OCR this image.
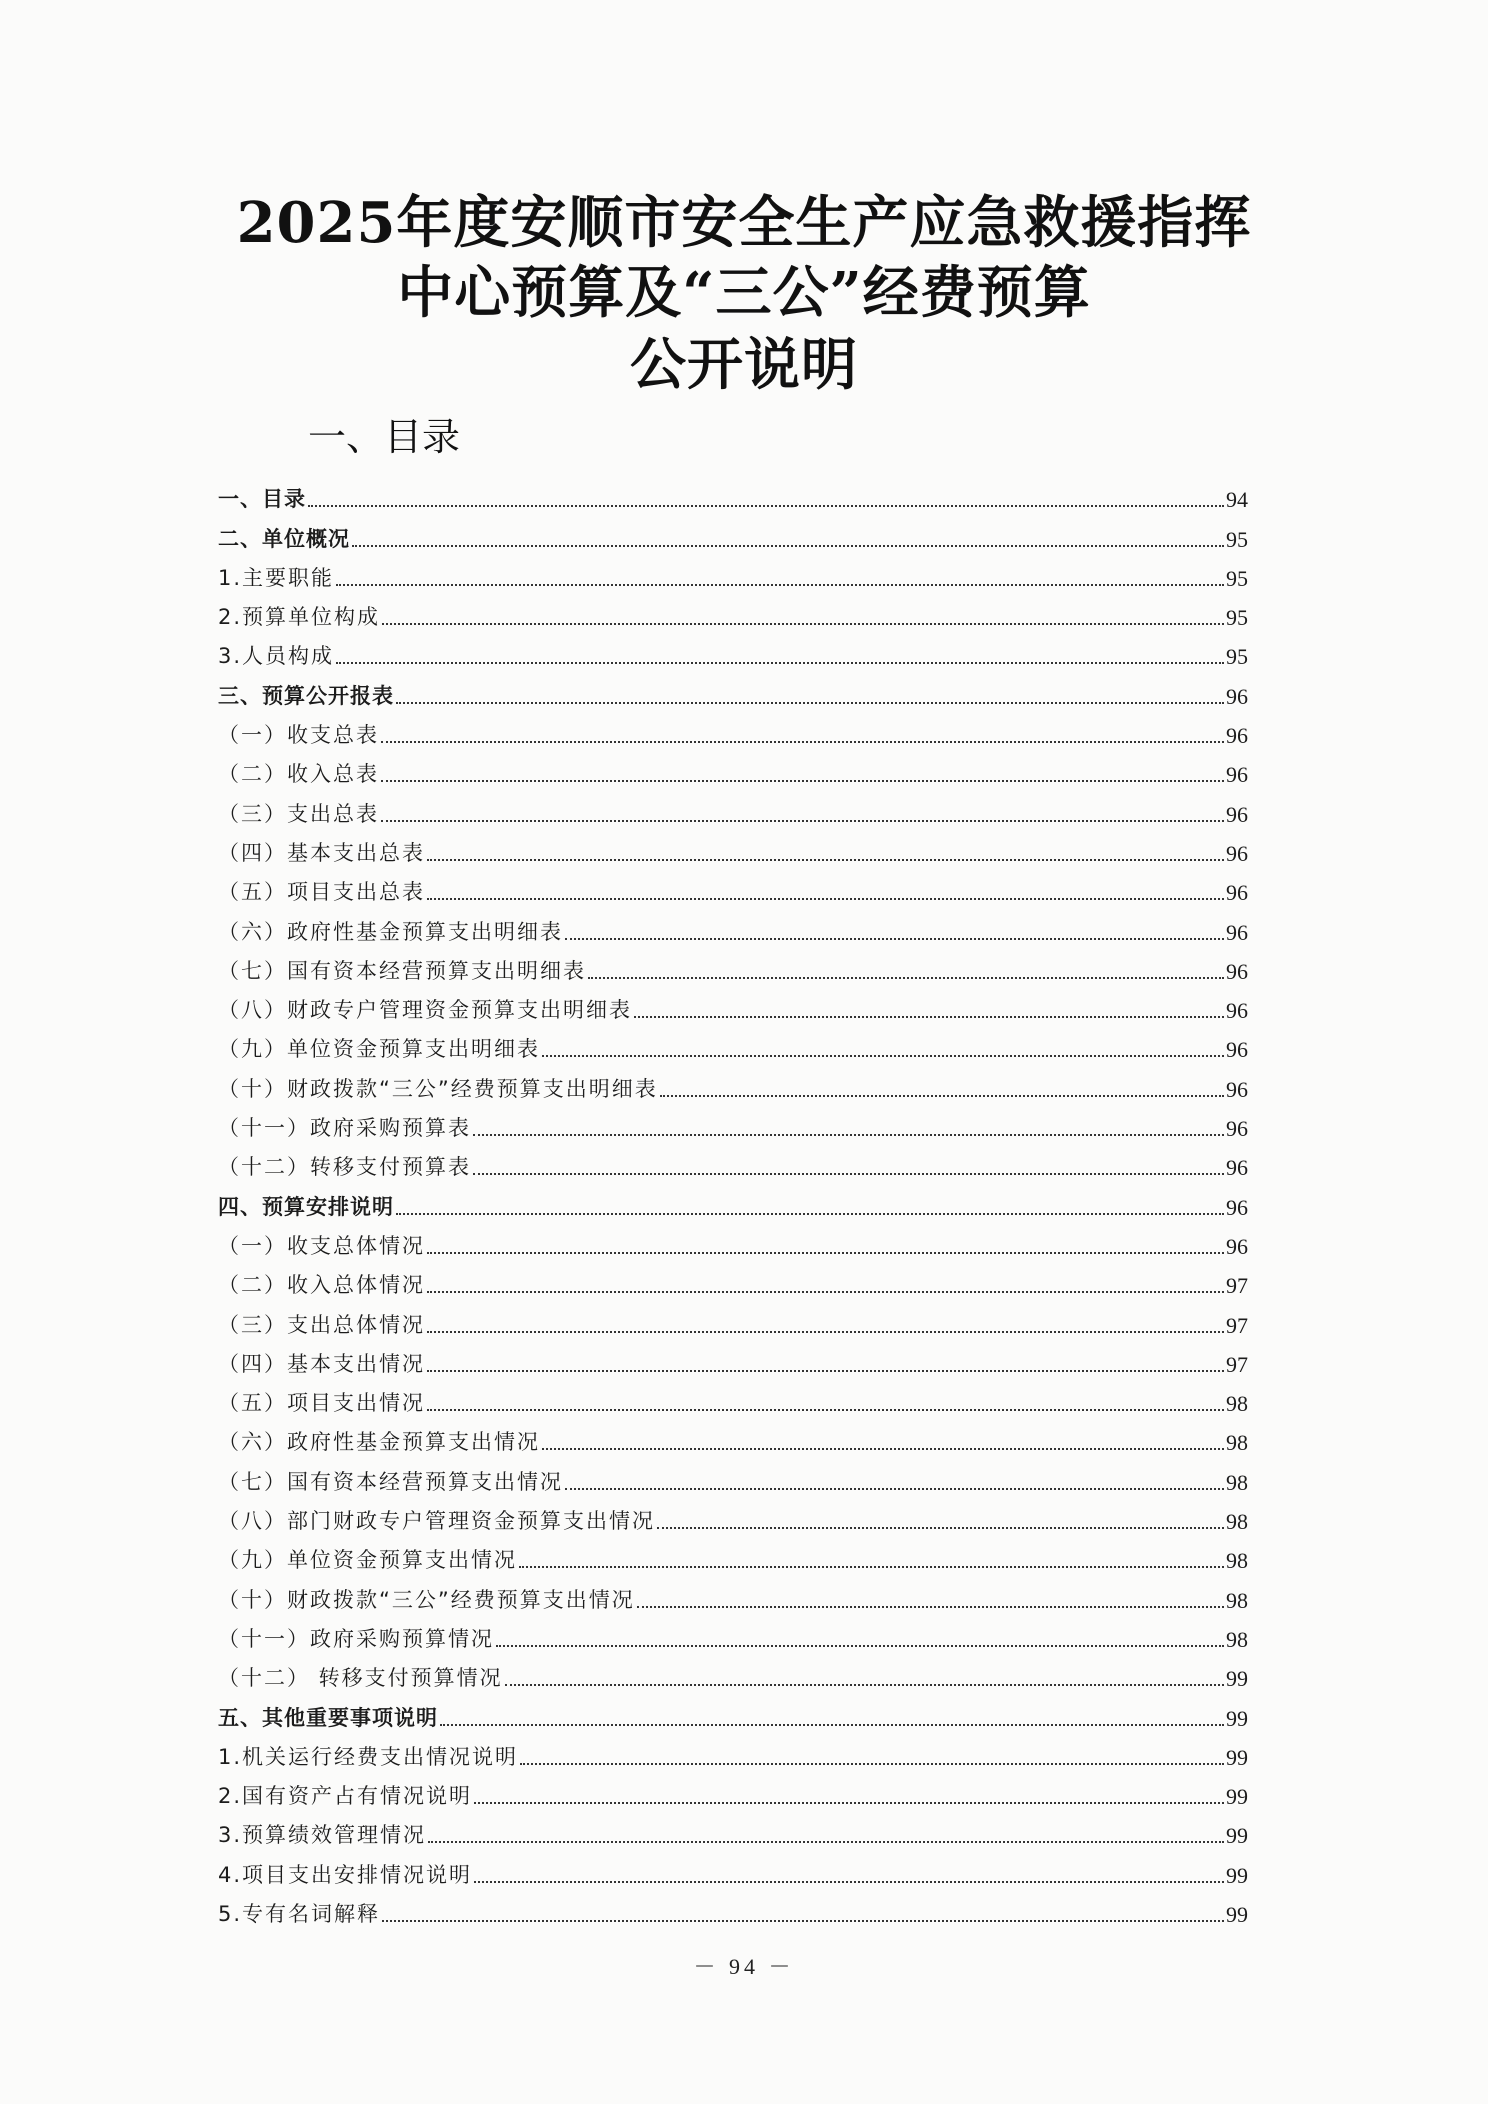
2025年度安顺市安全生产应急救援指挥
中心预算及“三公”经费预算
公开说明
一、目录
一、目录	94
二、单位概况	95
1.主要职能	95
2.预算单位构成	95
3.人员构成	95
三、预算公开报表	96
（一）收支总表	96
（二）收入总表	96
（三）支出总表	96
（四）基本支出总表	96
（五）项目支出总表	96
（六）政府性基金预算支出明细表	96
（七）国有资本经营预算支出明细表	96
（八）财政专户管理资金预算支出明细表	96
（九）单位资金预算支出明细表	96
（十）财政拨款“三公”经费预算支出明细表	96
（十一）政府采购预算表	96
（十二）转移支付预算表	96
四、预算安排说明	96
（一）收支总体情况	96
（二）收入总体情况	97
（三）支出总体情况	97
（四）基本支出情况	97
（五）项目支出情况	98
（六）政府性基金预算支出情况	98
（七）国有资本经营预算支出情况	98
（八）部门财政专户管理资金预算支出情况	98
（九）单位资金预算支出情况	98
（十）财政拨款“三公”经费预算支出情况	98
（十一）政府采购预算情况	98
（十二） 转移支付预算情况	99
五、其他重要事项说明	99
1.机关运行经费支出情况说明	99
2.国有资产占有情况说明	99
3.预算绩效管理情况	99
4.项目支出安排情况说明	99
5.专有名词解释	99
－ 94 －
